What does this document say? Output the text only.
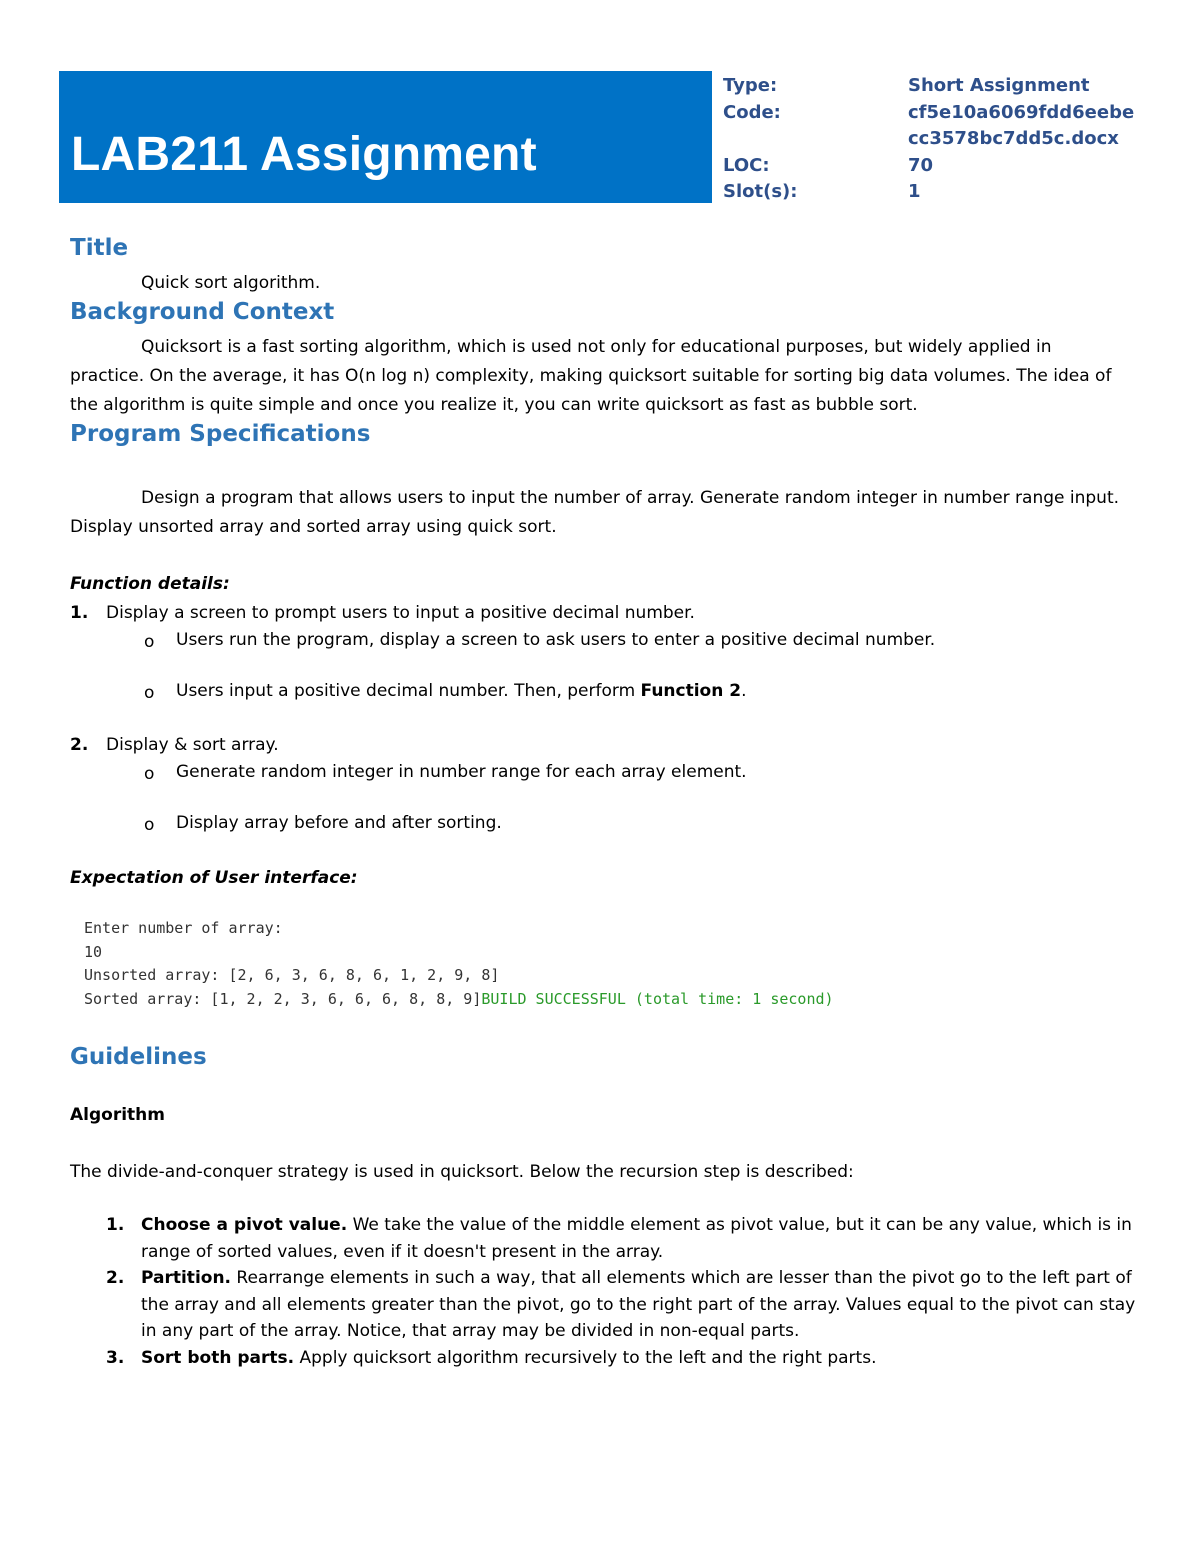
LAB211 Assignment
Type:	Short Assignment
Code:	cf5e10a6069fdd6eebe
cc3578bc7dd5c.docx
LOC:	70
Slot(s):	1
Title
Quick sort algorithm.
Background Context
Quicksort is a fast sorting algorithm, which is used not only for educational purposes, but widely applied in practice. On the average, it has O(n log n) complexity, making quicksort suitable for sorting big data volumes. The idea of the algorithm is quite simple and once you realize it, you can write quicksort as fast as bubble sort.
Program Specifications
Design a program that allows users to input the number of array. Generate random integer in number range input. Display unsorted array and sorted array using quick sort.
Function details:
1. Display a screen to prompt users to input a positive decimal number.
o Users run the program, display a screen to ask users to enter a positive decimal number.
o Users input a positive decimal number. Then, perform Function 2.
2. Display & sort array.
o Generate random integer in number range for each array element.
o Display array before and after sorting.
Expectation of User interface:
Guidelines
Algorithm
The divide-and-conquer strategy is used in quicksort. Below the recursion step is described:
Enter number of array:
10
Unsorted array: [2, 6, 3, 6, 8, 6, 1, 2, 9, 8]
Sorted array: [1, 2, 2, 3, 6, 6, 6, 8, 8, 9]BUILD SUCCESSFUL (total time: 1 second)
1. Choose a pivot value. We take the value of the middle element as pivot value, but it can be any value, which is in range of sorted values, even if it doesn't present in the array.
2. Partition. Rearrange elements in such a way, that all elements which are lesser than the pivot go to the left part of the array and all elements greater than the pivot, go to the right part of the array. Values equal to the pivot can stay in any part of the array. Notice, that array may be divided in non-equal parts.
3. Sort both parts. Apply quicksort algorithm recursively to the left and the right parts.
